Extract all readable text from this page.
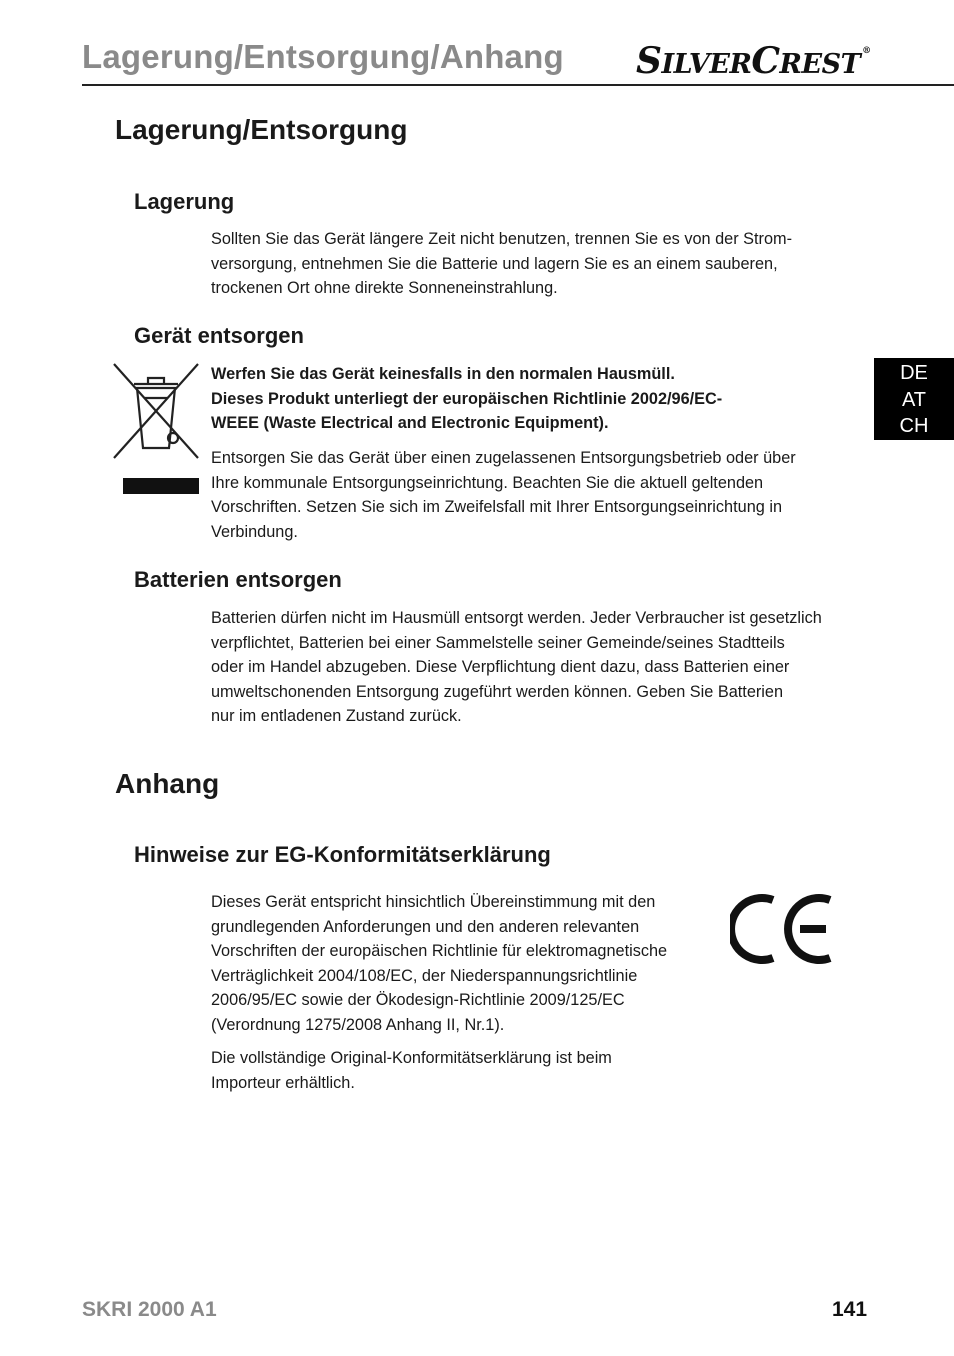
Lagerung/Entsorgung/Anhang SILVERCREST ®
DE
AT
CH
Lagerung/Entsorgung
Lagerung
Sollten Sie das Gerät längere Zeit nicht benutzen, trennen Sie es von der Strom-
versorgung, entnehmen Sie die Batterie und lagern Sie es an einem sauberen,
trockenen Ort ohne direkte Sonneneinstrahlung.
Gerät entsorgen
Werfen Sie das Gerät keinesfalls in den normalen Hausmüll.
Dieses Produkt unterliegt der europäischen Richtlinie 2002/96/EC-
WEEE (Waste Electrical and Electronic Equipment).
Entsorgen Sie das Gerät über einen zugelassenen Entsorgungsbetrieb oder über
Ihre kommunale Entsorgungseinrichtung. Beachten Sie die aktuell geltenden
Vorschriften. Setzen Sie sich im Zweifelsfall mit Ihrer Entsorgungseinrichtung in
Verbindung.
Batterien entsorgen
Batterien dürfen nicht im Hausmüll entsorgt werden. Jeder Verbraucher ist gesetzlich
verpflichtet, Batterien bei einer Sammelstelle seiner Gemeinde/seines Stadtteils
oder im Handel abzugeben. Diese Verpflichtung dient dazu, dass Batterien einer
umweltschonenden Entsorgung zugeführt werden können. Geben Sie Batterien
nur im entladenen Zustand zurück.
Anhang
Hinweise zur EG-Konformitätserklärung
Dieses Gerät entspricht hinsichtlich Übereinstimmung mit den
grundlegenden Anforderungen und den anderen relevanten
Vorschriften der europäischen Richtlinie für elektromagnetische
Verträglichkeit 2004/108/EC, der Niederspannungsrichtlinie
2006/95/EC sowie der Ökodesign-Richtlinie 2009/125/EC
(Verordnung 1275/2008 Anhang II, Nr.1).
Die vollständige Original-Konformitätserklärung ist beim
Importeur erhältlich.
SKRI 2000 A1	141
